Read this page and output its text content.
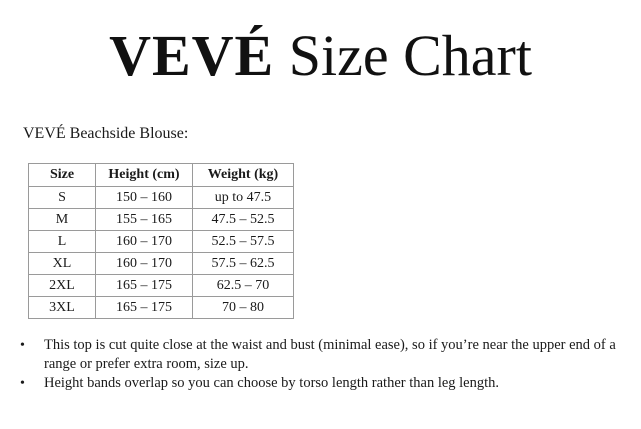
VEVÉ Size Chart
VEVÉ Beachside Blouse:
Size	Height (cm)	Weight (kg)
S	150 – 160	up to 47.5
M	155 – 165	47.5 – 52.5
L	160 – 170	52.5 – 57.5
XL	160 – 170	57.5 – 62.5
2XL	165 – 175	62.5 – 70
3XL	165 – 175	70 – 80
• This top is cut quite close at the waist and bust (minimal ease), so if you’re near the upper end of a range or prefer extra room, size up.
• Height bands overlap so you can choose by torso length rather than leg length.
